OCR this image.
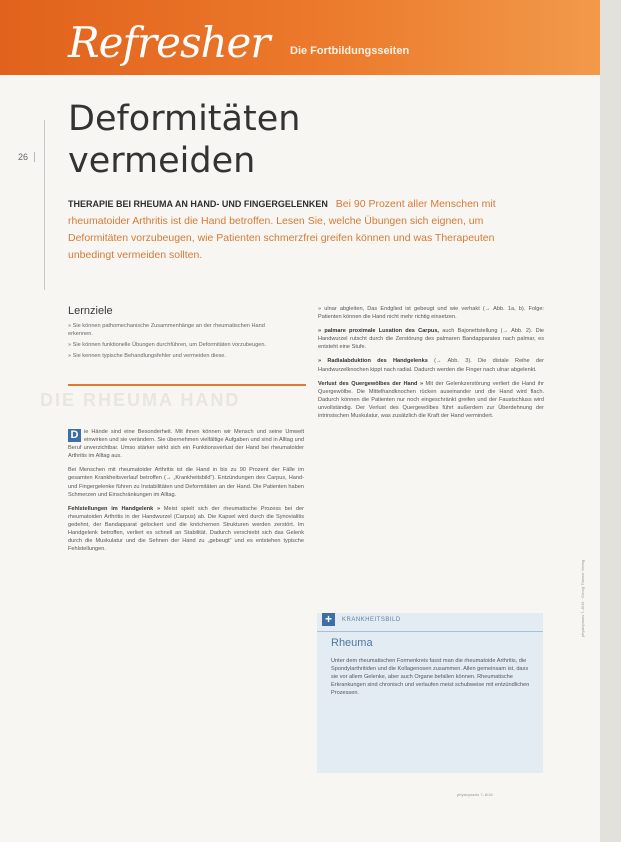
Refresher Die Fortbildungsseiten
26
Deformitäten
vermeiden
THERAPIE BEI RHEUMA AN HAND- UND FINGERGELENKEN Bei 90 Prozent aller Menschen mit rheumatoider Arthritis ist die Hand betroffen. Lesen Sie, welche Übungen sich eignen, um Deformitäten vorzubeugen, wie Patienten schmerzfrei greifen können und was Therapeuten unbedingt vermeiden sollten.
Lernziele
» Sie können pathomechanische Zusammenhänge an der rheumatischen Hand erkennen.
» Sie können funktionelle Übungen durchführen, um Deformitäten vorzubeugen.
» Sie kennen typische Behandlungsfehler und vermeiden diese.
DIE RHEUMA HAND

D ie Hände sind eine Besonderheit. Mit ihnen können wir Mensch und seine Umwelt einwirken und sie verändern. Sie übernehmen vielfältige Aufgaben und sind in Alltag und Beruf unverzichtbar. Umso stärker wirkt sich ein Funktionsverlust der Hand bei rheumatoider Arthritis im Alltag aus.

Bei Menschen mit rheumatoider Arthritis ist die Hand in bis zu 90 Prozent der Fälle im gesamten Krankheitsverlauf betroffen (→ „Krankheitsbild“). Entzündungen des Carpus, Hand- und Fingergelenke führen zu Instabilitäten und Deformitäten an der Hand. Die Patienten haben Schmerzen und Einschränkungen im Alltag.

Fehlstellungen im Handgelenk » Meist spielt sich der rheumatische Prozess bei der rheumatoiden Arthritis in der Handwurzel (Carpus) ab. Die Kapsel wird durch die Synovialitis gedehnt, der Bandapparat gelockert und die knöchernen Strukturen werden zerstört. Im Handgelenk betroffen, verliert es schnell an Stabilität. Dadurch verschiebt sich das Gelenk durch die Muskulatur und die Sehnen der Hand zu „gebeugt“ und es entstehen typische Fehlstellungen.

» ulnar abgleiten, Das Endglied ist gebeugt und wie verhakt (→ Abb. 1a, b). Folge: Patienten können die Hand nicht mehr richtig einsetzen.

» palmare proximale Luxation des Carpus, auch Bajonettstellung (→ Abb. 2). Die Handwurzel rutscht durch die Zerstörung des palmaren Bandapparates nach palmar, es entsteht eine Stufe.

» Radialabduktion des Handgelenks (→ Abb. 3). Die distale Reihe der Handwurzelknochen kippt nach radial. Dadurch werden die Finger nach ulnar abgelenkt.

Verlust des Quergewölbes der Hand » Mit der Gelenkzerstörung verliert die Hand ihr Quergewölbe. Die Mittelhandknochen rücken auseinander und die Hand wird flach. Dadurch können die Patienten nur noch eingeschränkt greifen und der Faustschluss wird unvollständig. Der Verlust des Quergewölbes führt außerdem zur Überdehnung der intrinsischen Muskulatur, was zusätzlich die Kraft der Hand vermindert.

+	KRANKHEITSBILD
Rheuma
Unter dem rheumatischen Formenkreis fasst man die rheumatoide Arthritis, die Spondylarthritiden und die Kollagenosen zusammen. Allen gemeinsam ist, dass sie vor allem Gelenke, aber auch Organe befallen können. Rheumatische Erkrankungen sind chronisch und verlaufen meist schubweise mit entzündlichen Prozessen.
physiopraxis 7–8/16
physiopraxis 7–8/16 · Georg Thieme Verlag
